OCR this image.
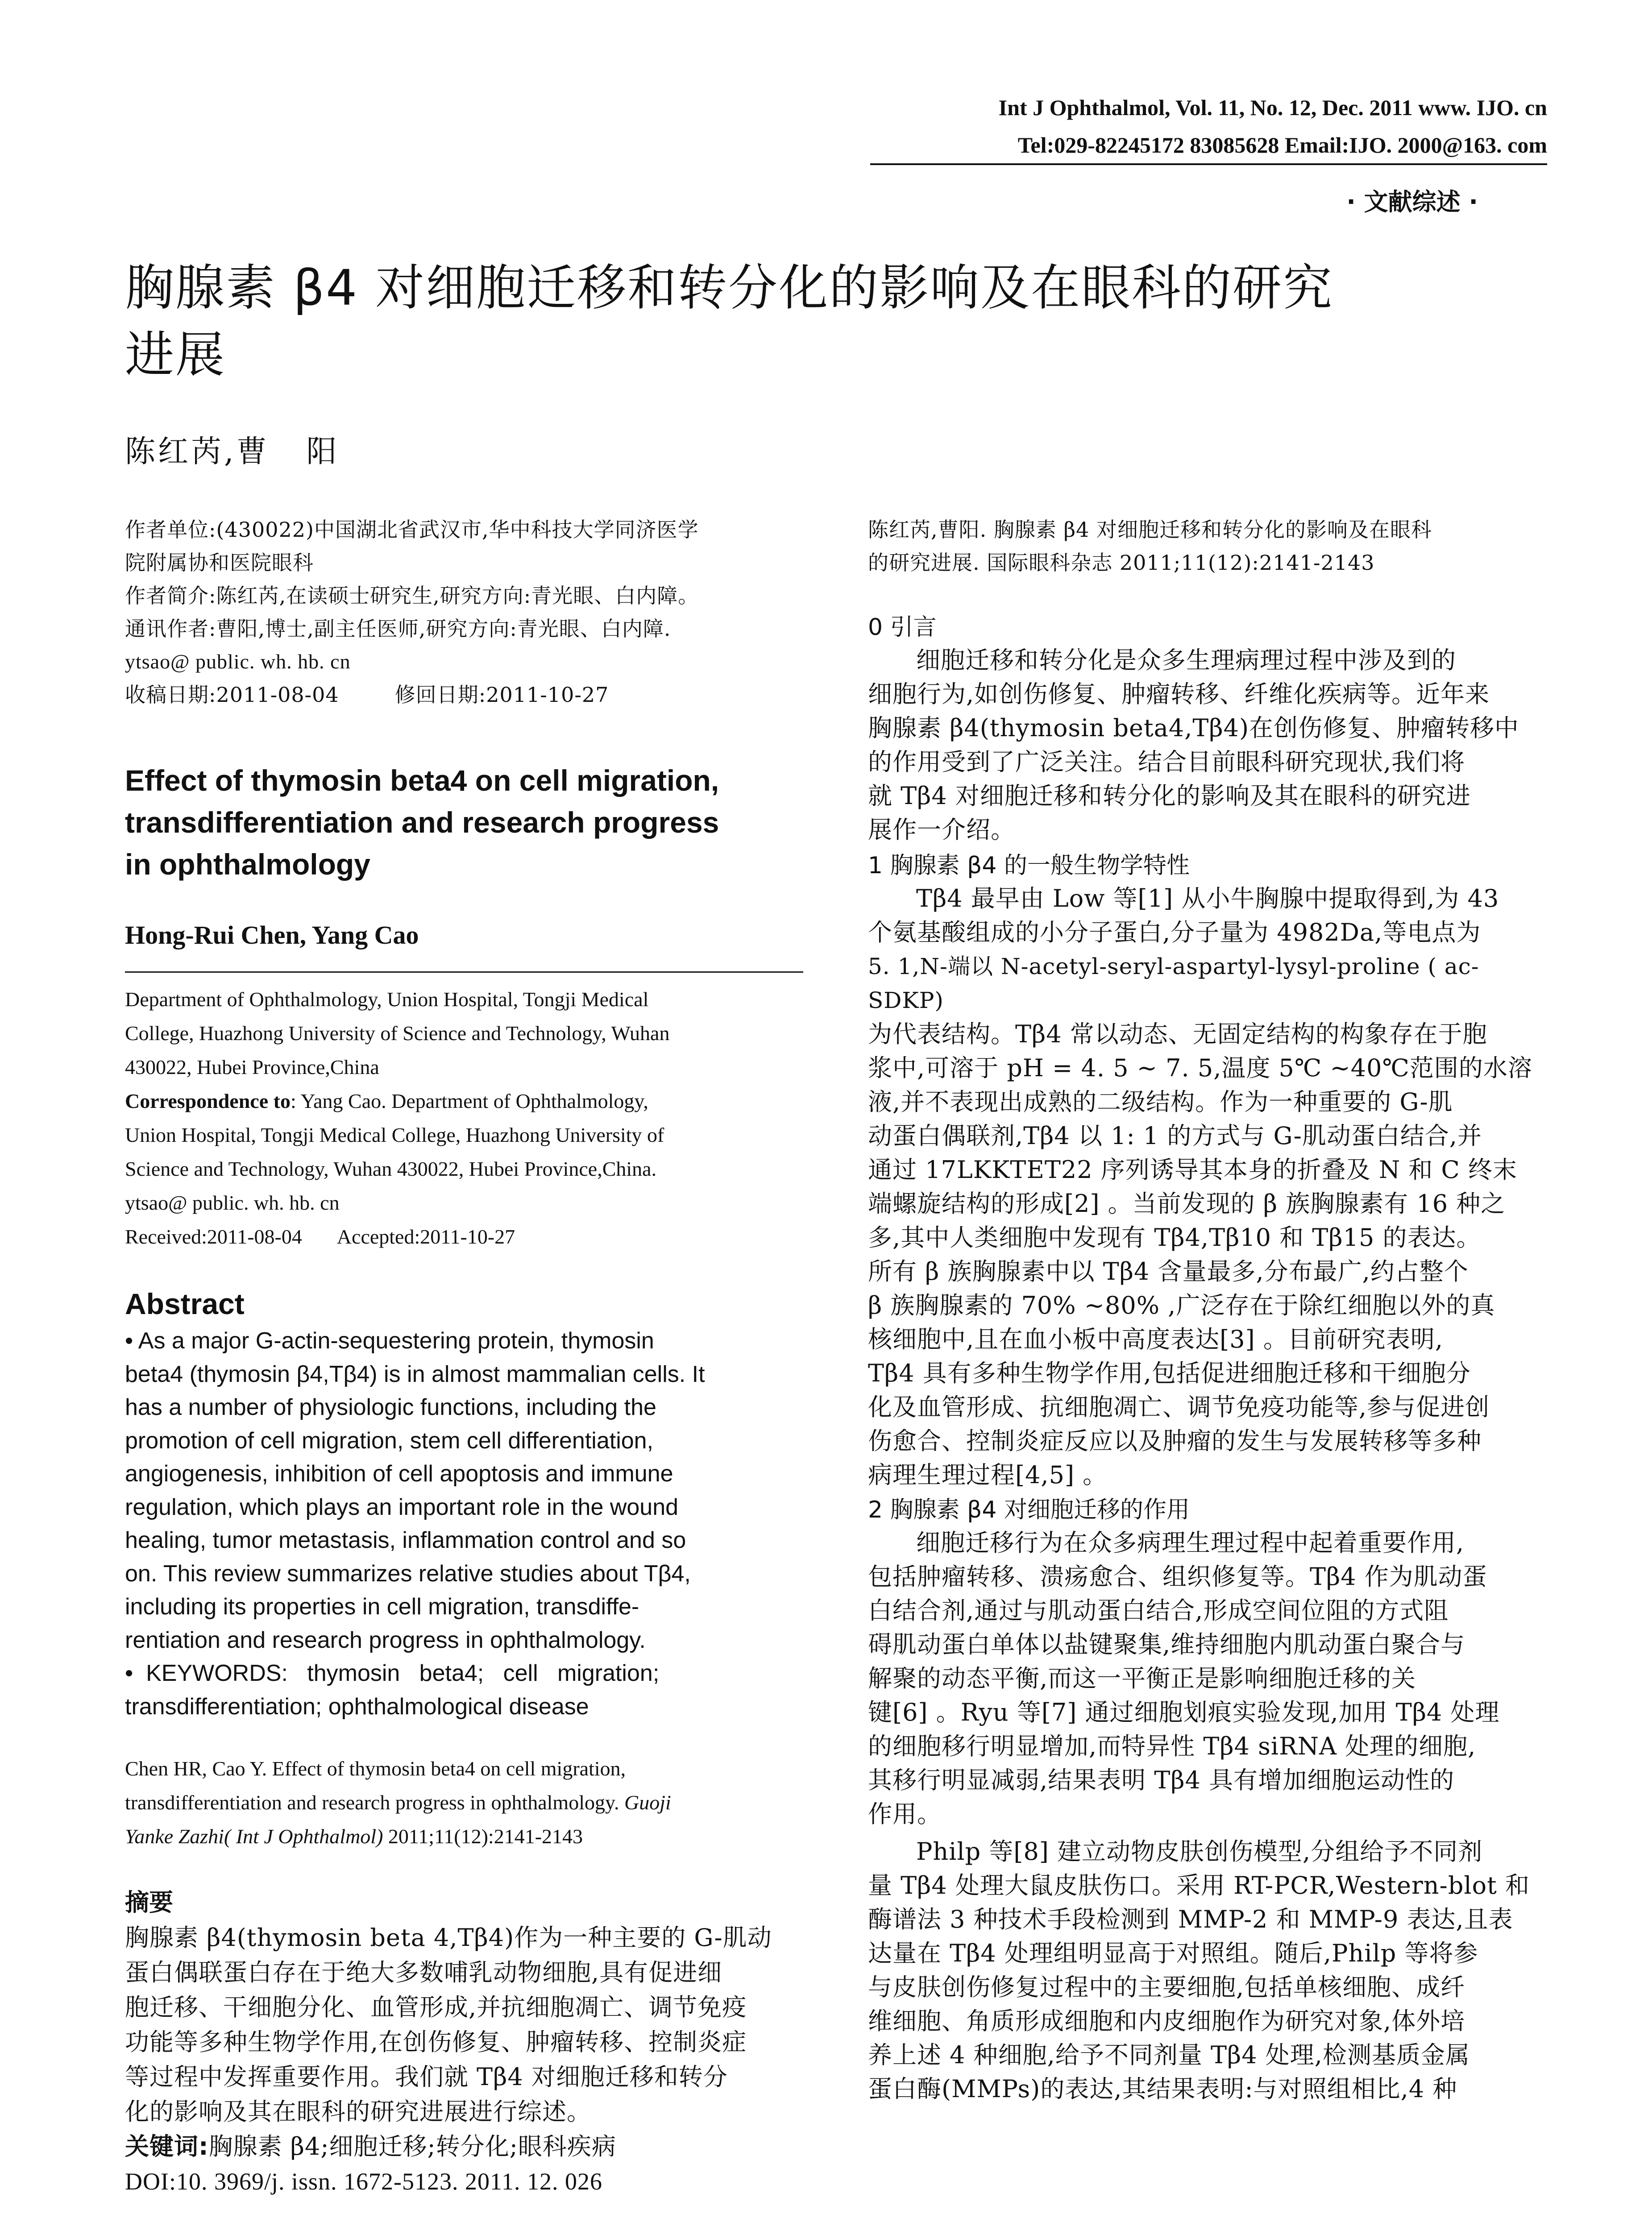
Int J Ophthalmol, Vol. 11, No. 12, Dec. 2011 www. IJO. cn
Tel:029-82245172 83085628 Email:IJO. 2000@163. com
· 文献综述 ·
胸腺素 β4 对细胞迁移和转分化的影响及在眼科的研究
进展
陈红芮,曹   阳
作者单位:(430022)中国湖北省武汉市,华中科技大学同济医学
院附属协和医院眼科
作者简介:陈红芮,在读硕士研究生,研究方向:青光眼、白内障。
通讯作者:曹阳,博士,副主任医师,研究方向:青光眼、白内障.
ytsao@ public. wh. hb. cn
收稿日期:2011-08-04        修回日期:2011-10-27
Effect of thymosin beta4 on cell migration,
transdifferentiation and research progress
in ophthalmology
Hong-Rui Chen, Yang Cao
Department of Ophthalmology, Union Hospital, Tongji Medical
College, Huazhong University of Science and Technology, Wuhan
430022, Hubei Province,China
Correspondence to: Yang Cao. Department of Ophthalmology,
Union Hospital, Tongji Medical College, Huazhong University of
Science and Technology, Wuhan 430022, Hubei Province,China.
ytsao@ public. wh. hb. cn
Received:2011-08-04       Accepted:2011-10-27
Abstract
• As a major G-actin-sequestering protein, thymosin
beta4 (thymosin β4,Tβ4) is in almost mammalian cells. It
has a number of physiologic functions, including the
promotion of cell migration, stem cell differentiation,
angiogenesis, inhibition of cell apoptosis and immune
regulation, which plays an important role in the wound
healing, tumor metastasis, inflammation control and so
on. This review summarizes relative studies about Tβ4,
including its properties in cell migration, transdiffe-
rentiation and research progress in ophthalmology.
•  KEYWORDS:   thymosin   beta4;   cell   migration;
transdifferentiation; ophthalmological disease
Chen HR, Cao Y. Effect of thymosin beta4 on cell migration,
transdifferentiation and research progress in ophthalmology. Guoji
Yanke Zazhi( Int J Ophthalmol) 2011;11(12):2141-2143
摘要
胸腺素 β4(thymosin beta 4,Tβ4)作为一种主要的 G-肌动
蛋白偶联蛋白存在于绝大多数哺乳动物细胞,具有促进细
胞迁移、干细胞分化、血管形成,并抗细胞凋亡、调节免疫
功能等多种生物学作用,在创伤修复、肿瘤转移、控制炎症
等过程中发挥重要作用。我们就 Tβ4 对细胞迁移和转分
化的影响及其在眼科的研究进展进行综述。
关键词:胸腺素 β4;细胞迁移;转分化;眼科疾病
DOI:10. 3969/j. issn. 1672-5123. 2011. 12. 026
陈红芮,曹阳. 胸腺素 β4 对细胞迁移和转分化的影响及在眼科
的研究进展. 国际眼科杂志 2011;11(12):2141-2143
0 引言
细胞迁移和转分化是众多生理病理过程中涉及到的
细胞行为,如创伤修复、肿瘤转移、纤维化疾病等。近年来
胸腺素 β4(thymosin beta4,Tβ4)在创伤修复、肿瘤转移中
的作用受到了广泛关注。结合目前眼科研究现状,我们将
就 Tβ4 对细胞迁移和转分化的影响及其在眼科的研究进
展作一介绍。
1 胸腺素 β4 的一般生物学特性
Tβ4 最早由 Low 等[1] 从小牛胸腺中提取得到,为 43
个氨基酸组成的小分子蛋白,分子量为 4982Da,等电点为
5. 1,N-端以 N-acetyl-seryl-aspartyl-lysyl-proline ( ac-SDKP)
为代表结构。Tβ4 常以动态、无固定结构的构象存在于胞
浆中,可溶于 pH = 4. 5 ~ 7. 5,温度 5℃ ~40℃范围的水溶
液,并不表现出成熟的二级结构。作为一种重要的 G-肌
动蛋白偶联剂,Tβ4 以 1: 1 的方式与 G-肌动蛋白结合,并
通过 17LKKTET22 序列诱导其本身的折叠及 N 和 C 终末
端螺旋结构的形成[2] 。当前发现的 β 族胸腺素有 16 种之
多,其中人类细胞中发现有 Tβ4,Tβ10 和 Tβ15 的表达。
所有 β 族胸腺素中以 Tβ4 含量最多,分布最广,约占整个
β 族胸腺素的 70% ~80% ,广泛存在于除红细胞以外的真
核细胞中,且在血小板中高度表达[3] 。目前研究表明,
Tβ4 具有多种生物学作用,包括促进细胞迁移和干细胞分
化及血管形成、抗细胞凋亡、调节免疫功能等,参与促进创
伤愈合、控制炎症反应以及肿瘤的发生与发展转移等多种
病理生理过程[4,5] 。
2 胸腺素 β4 对细胞迁移的作用
细胞迁移行为在众多病理生理过程中起着重要作用,
包括肿瘤转移、溃疡愈合、组织修复等。Tβ4 作为肌动蛋
白结合剂,通过与肌动蛋白结合,形成空间位阻的方式阻
碍肌动蛋白单体以盐键聚集,维持细胞内肌动蛋白聚合与
解聚的动态平衡,而这一平衡正是影响细胞迁移的关
键[6] 。Ryu 等[7] 通过细胞划痕实验发现,加用 Tβ4 处理
的细胞移行明显增加,而特异性 Tβ4 siRNA 处理的细胞,
其移行明显减弱,结果表明 Tβ4 具有增加细胞运动性的
作用。
Philp 等[8] 建立动物皮肤创伤模型,分组给予不同剂
量 Tβ4 处理大鼠皮肤伤口。采用 RT-PCR,Western-blot 和
酶谱法 3 种技术手段检测到 MMP-2 和 MMP-9 表达,且表
达量在 Tβ4 处理组明显高于对照组。随后,Philp 等将参
与皮肤创伤修复过程中的主要细胞,包括单核细胞、成纤
维细胞、角质形成细胞和内皮细胞作为研究对象,体外培
养上述 4 种细胞,给予不同剂量 Tβ4 处理,检测基质金属
蛋白酶(MMPs)的表达,其结果表明:与对照组相比,4 种
